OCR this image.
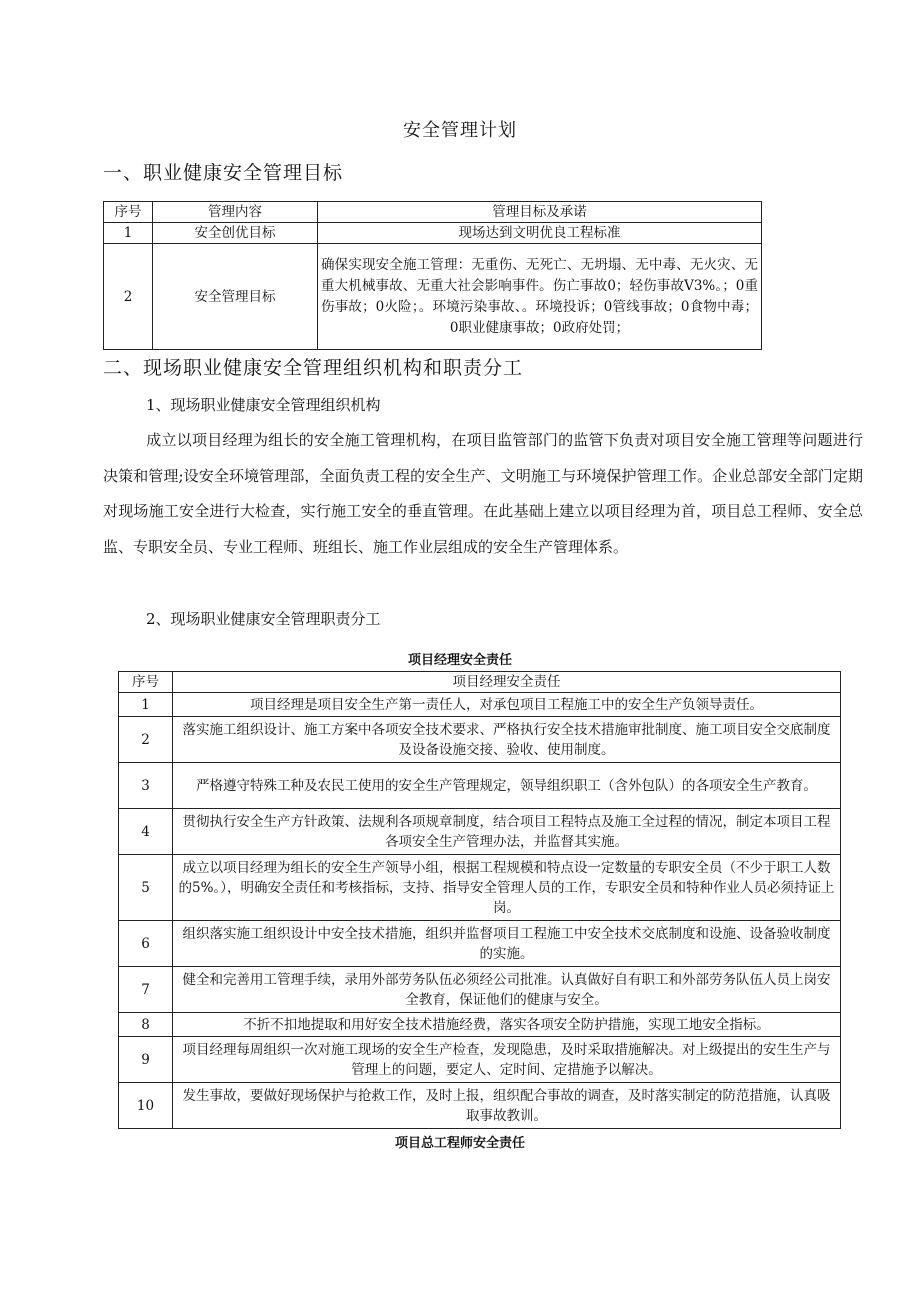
安全管理计划
一、职业健康安全管理目标
序号	管理内容	管理目标及承诺
1	安全创优目标	现场达到文明优良工程标准
2	安全管理目标	确保实现安全施工管理：无重伤、无死亡、无坍塌、无中毒、无火灾、无重大机械事故、无重大社会影响事件。伤亡事故0；轻伤事故V3%。；0重伤事故；0火险；。环境污染事故、。环境投诉；0管线事故；0食物中毒；0职业健康事故；0政府处罚；
二、现场职业健康安全管理组织机构和职责分工
1、现场职业健康安全管理组织机构
成立以项目经理为组长的安全施工管理机构，在项目监管部门的监管下负责对项目安全施工管理等问题进行决策和管理;设安全环境管理部，全面负责工程的安全生产、文明施工与环境保护管理工作。企业总部安全部门定期对现场施工安全进行大检查，实行施工安全的垂直管理。在此基础上建立以项目经理为首，项目总工程师、安全总监、专职安全员、专业工程师、班组长、施工作业层组成的安全生产管理体系。
2、现场职业健康安全管理职责分工
项目经理安全责任
序号	项目经理安全责任
1	项目经理是项目安全生产第一责任人，对承包项目工程施工中的安全生产负领导责任。
2	落实施工组织设计、施工方案中各项安全技术要求、严格执行安全技术措施审批制度、施工项目安全交底制度及设备设施交接、验收、使用制度。
3	严格遵守特殊工种及农民工使用的安全生产管理规定，领导组织职工（含外包队）的各项安全生产教育。
4	贯彻执行安全生产方针政策、法规利各项规章制度，结合项目工程特点及施工全过程的情况，制定本项目工程各项安全生产管理办法，并监督其实施。
5	成立以项目经理为组长的安全生产领导小组，根据工程规模和特点设一定数量的专职安全员（不少于职工人数的5%。），明确安全责任和考核指标，支持、指导安全管理人员的工作，专职安全员和特种作业人员必须持证上岗。
6	组织落实施工组织设计中安全技术措施，组织并监督项目工程施工中安全技术交底制度和设施、设备验收制度的实施。
7	健全和完善用工管理手续，录用外部劳务队伍必须经公司批准。认真做好自有职工和外部劳务队伍人员上岗安全教育，保证他们的健康与安全。
8	不折不扣地提取和用好安全技术措施经费，落实各项安全防护措施，实现工地安全指标。
9	项目经理每周组织一次对施工现场的安全生产检查，发现隐患，及时采取措施解决。对上级提出的安生生产与管理上的问题，要定人、定时间、定措施予以解决。
10	发生事故，要做好现场保护与抢救工作，及时上报，组织配合事故的调查，及时落实制定的防范措施，认真吸取事故教训。
项目总工程师安全责任
